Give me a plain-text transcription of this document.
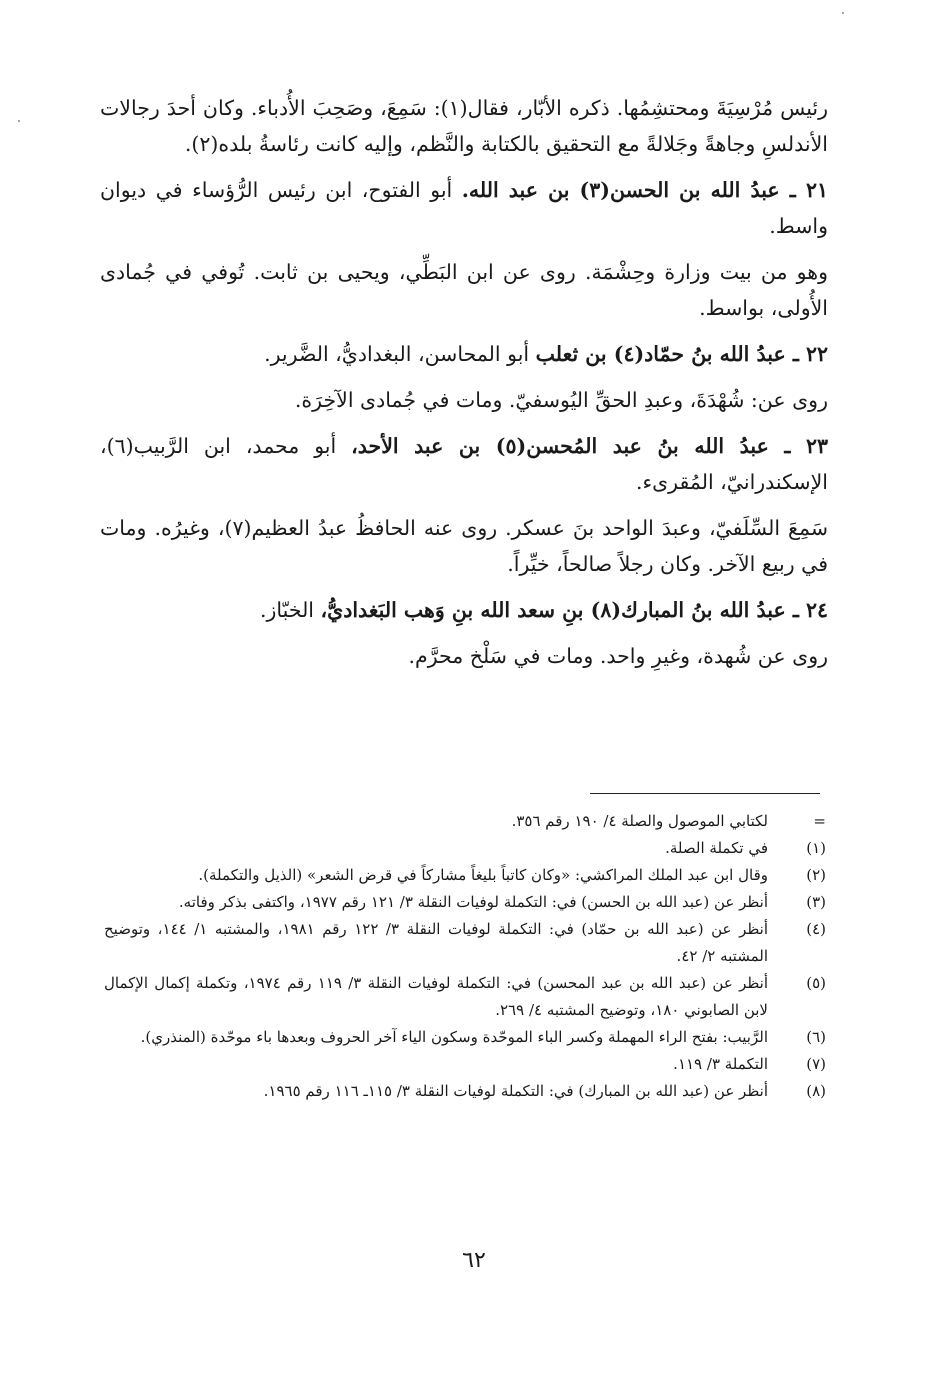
رئيس مُرْسِيَةَ ومحتشِمُها. ذكره الأبّار، فقال(١): سَمِعَ، وصَحِبَ الأُدباء. وكان أحدَ رجالات الأندلسِ وجاهةً وجَلالةً مع التحقيق بالكتابة والنَّظم، وإليه كانت رئاسةُ بلده(٢).

٢١ ـ عبدُ الله بن الحسن(٣) بن عبد الله. أبو الفتوح، ابن رئيس الرُّؤساء في ديوان واسط.

وهو من بيت وزارة وحِشْمَة. روى عن ابن البَطِّي، ويحيى بن ثابت. تُوفي في جُمادى الأُولى، بواسط.

٢٢ ـ عبدُ الله بنُ حمّاد(٤) بن ثعلب أبو المحاسن، البغداديُّ، الضَّرير.

روى عن: شُهْدَةَ، وعبدِ الحقِّ اليُوسفيّ. ومات في جُمادى الآخِرَة.

٢٣ ـ عبدُ الله بنُ عبد المُحسن(٥) بن عبد الأحد، أبو محمد، ابن الرَّبيب(٦)، الإسكندرانيّ، المُقرىء.

سَمِعَ السِّلَفيّ، وعبدَ الواحد بنَ عسكر. روى عنه الحافظُ عبدُ العظيم(٧)، وغيرُه. ومات في ربيع الآخر. وكان رجلاً صالحاً، خيِّراً.

٢٤ ـ عبدُ الله بنُ المبارك(٨) بنِ سعد الله بنِ وَهب البَغداديُّ، الخبّاز.

روى عن شُهدة، وغيرِ واحد. ومات في سَلْخ محرَّم.

=
لكتابي الموصول والصلة ٤/ ١٩٠ رقم ٣٥٦.
(١)
في تكملة الصلة.
(٢)
وقال ابن عبد الملك المراكشي: «وكان كاتباً بليغاً مشاركاً في قرض الشعر» (الذيل والتكملة).
(٣)
أنظر عن (عبد الله بن الحسن) في: التكملة لوفيات النقلة ٣/ ١٢١ رقم ١٩٧٧، واكتفى بذكر وفاته.
(٤)
أنظر عن (عبد الله بن حمّاد) في: التكملة لوفيات النقلة ٣/ ١٢٢ رقم ١٩٨١، والمشتبه ١/ ١٤٤، وتوضيح المشتبه ٢/ ٤٢.
(٥)
أنظر عن (عبد الله بن عبد المحسن) في: التكملة لوفيات النقلة ٣/ ١١٩ رقم ١٩٧٤، وتكملة إكمال الإكمال لابن الصابوني ١٨٠، وتوضيح المشتبه ٤/ ٢٦٩.
(٦)
الرَّبيب: بفتح الراء المهملة وكسر الباء الموحّدة وسكون الياء آخر الحروف وبعدها باء موحّدة (المنذري).
(٧)
التكملة ٣/ ١١٩.
(٨)
أنظر عن (عبد الله بن المبارك) في: التكملة لوفيات النقلة ٣/ ١١٥ـ ١١٦ رقم ١٩٦٥.
٦٢
